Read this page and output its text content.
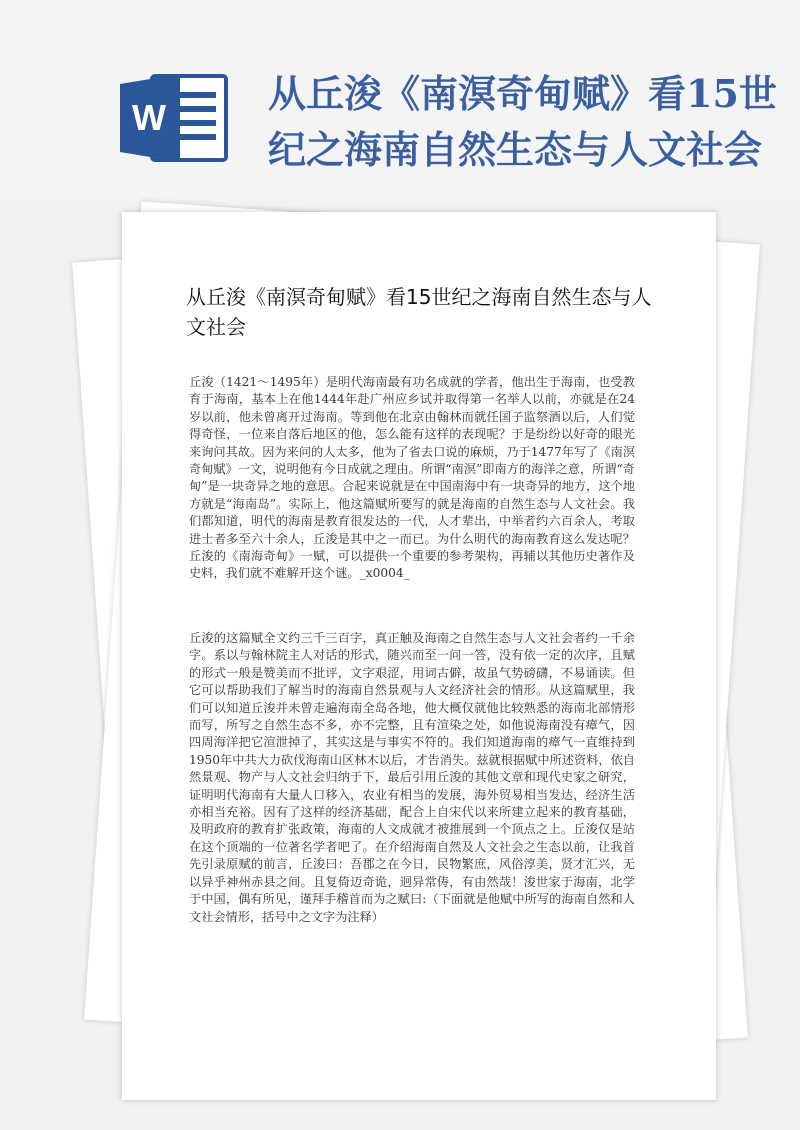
W
从丘浚《南溟奇甸赋》看15世纪之海南自然生态与人文社会
从丘浚《南溟奇甸赋》看15世纪之海南自然生态与人文社会
丘浚（1421～1495年）是明代海南最有功名成就的学者，他出生于海南，也受教育于海南，基本上在他1444年赴广州应乡试并取得第一名举人以前，亦就是在24岁以前，他未曾离开过海南。等到他在北京由翰林而就任国子监祭酒以后，人们觉得奇怪，一位来自落后地区的他，怎么能有这样的表现呢？于是纷纷以好奇的眼光来询问其故。因为来问的人太多，他为了省去口说的麻烦，乃于1477年写了《南溟奇甸赋》一文，说明他有今日成就之理由。所谓“南溟”即南方的海洋之意，所谓“奇甸”是一块奇异之地的意思。合起来说就是在中国南海中有一块奇异的地方，这个地方就是“海南岛”。实际上，他这篇赋所要写的就是海南的自然生态与人文社会。我们都知道，明代的海南是教育很发达的一代，人才辈出，中举者约六百余人，考取进士者多至六十余人，丘浚是其中之一而已。为什么明代的海南教育这么发达呢？丘浚的《南海奇甸》一赋，可以提供一个重要的参考架构，再辅以其他历史著作及史料，我们就不难解开这个谜。_x0004_
丘浚的这篇赋全文约三千三百字，真正触及海南之自然生态与人文社会者约一千余字。系以与翰林院主人对话的形式，随兴而至一问一答，没有依一定的次序，且赋的形式一般是赞美而不批评，文字艰涩，用词古僻，故虽气势磅礴，不易诵读。但它可以帮助我们了解当时的海南自然景观与人文经济社会的情形。从这篇赋里，我们可以知道丘浚并未曾走遍海南全岛各地，他大概仅就他比较熟悉的海南北部情形而写，所写之自然生态不多，亦不完整，且有渲染之处，如他说海南没有瘴气，因四周海洋把它渲泄掉了，其实这是与事实不符的。我们知道海南的瘴气一直维持到1950年中共大力砍伐海南山区林木以后，才告消失。兹就根据赋中所述资料，依自然景观、物产与人文社会归纳于下，最后引用丘浚的其他文章和现代史家之研究，证明明代海南有大量人口移入，农业有相当的发展，海外贸易相当发达，经济生活亦相当充裕。因有了这样的经济基础，配合上自宋代以来所建立起来的教育基础，及明政府的教育扩张政策，海南的人文成就才被推展到一个顶点之上。丘浚仅是站在这个顶端的一位著名学者吧了。在介绍海南自然及人文社会之生态以前，让我首先引录原赋的前言，丘浚曰：吾郡之在今日，民物繁庶，风俗淳美，贤才汇兴，无以异乎神州赤县之间。且复倚迈奇诡，迥异常俦，有由然哉！浚世家于海南，北学于中国，偶有所见，谨拜手稽首而为之赋曰:（下面就是他赋中所写的海南自然和人文社会情形，括号中之文字为注释）
